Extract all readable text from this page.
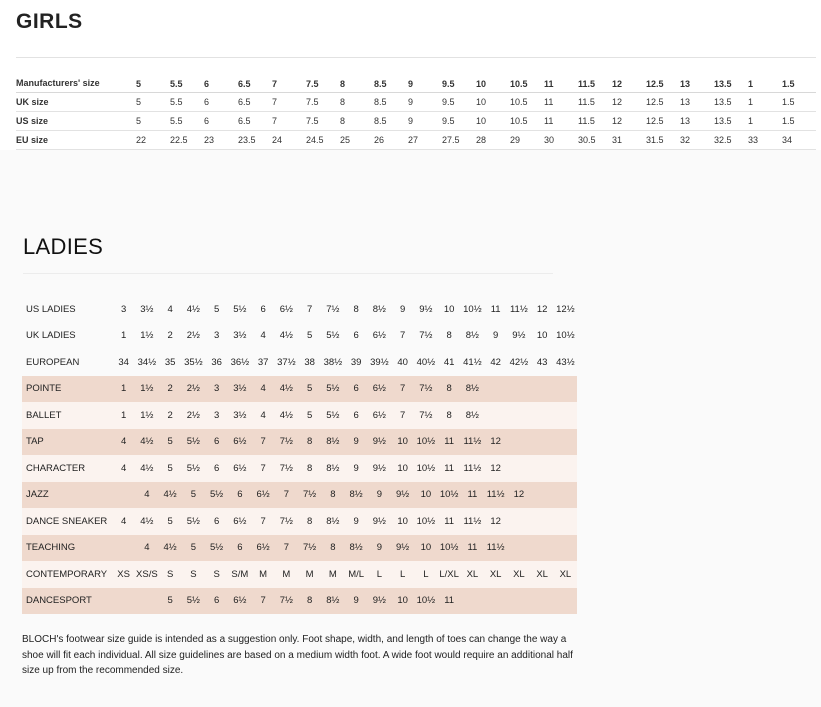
GIRLS
Manufacturers' size	5	5.5	6	6.5	7	7.5	8	8.5	9	9.5	10	10.5	11	11.5	12	12.5	13	13.5	1	1.5
UK size	5	5.5	6	6.5	7	7.5	8	8.5	9	9.5	10	10.5	11	11.5	12	12.5	13	13.5	1	1.5
US size	5	5.5	6	6.5	7	7.5	8	8.5	9	9.5	10	10.5	11	11.5	12	12.5	13	13.5	1	1.5
EU size	22	22.5	23	23.5	24	24.5	25	26	27	27.5	28	29	30	30.5	31	31.5	32	32.5	33	34
LADIES
US LADIES	3	3½	4	4½	5	5½	6	6½	7	7½	8	8½	9	9½	10	10½	11	11½	12	12½
UK LADIES	1	1½	2	2½	3	3½	4	4½	5	5½	6	6½	7	7½	8	8½	9	9½	10	10½
EUROPEAN	34	34½	35	35½	36	36½	37	37½	38	38½	39	39½	40	40½	41	41½	42	42½	43	43½
POINTE	1	1½	2	2½	3	3½	4	4½	5	5½	6	6½	7	7½	8	8½				
BALLET	1	1½	2	2½	3	3½	4	4½	5	5½	6	6½	7	7½	8	8½				
TAP	4	4½	5	5½	6	6½	7	7½	8	8½	9	9½	10	10½	11	11½	12			
CHARACTER	4	4½	5	5½	6	6½	7	7½	8	8½	9	9½	10	10½	11	11½	12			
JAZZ		4	4½	5	5½	6	6½	7	7½	8	8½	9	9½	10	10½	11	11½	12		
DANCE SNEAKER	4	4½	5	5½	6	6½	7	7½	8	8½	9	9½	10	10½	11	11½	12			
TEACHING		4	4½	5	5½	6	6½	7	7½	8	8½	9	9½	10	10½	11	11½			
CONTEMPORARY	XS	XS/S	S	S	S	S/M	M	M	M	M	M/L	L	L	L	L/XL	XL	XL	XL	XL	XL
DANCESPORT			5	5½	6	6½	7	7½	8	8½	9	9½	10	10½	11					
BLOCH's footwear size guide is intended as a suggestion only. Foot shape, width, and length of toes can change the way a shoe will fit each individual. All size guidelines are based on a medium width foot. A wide foot would require an additional half size up from the recommended size.
